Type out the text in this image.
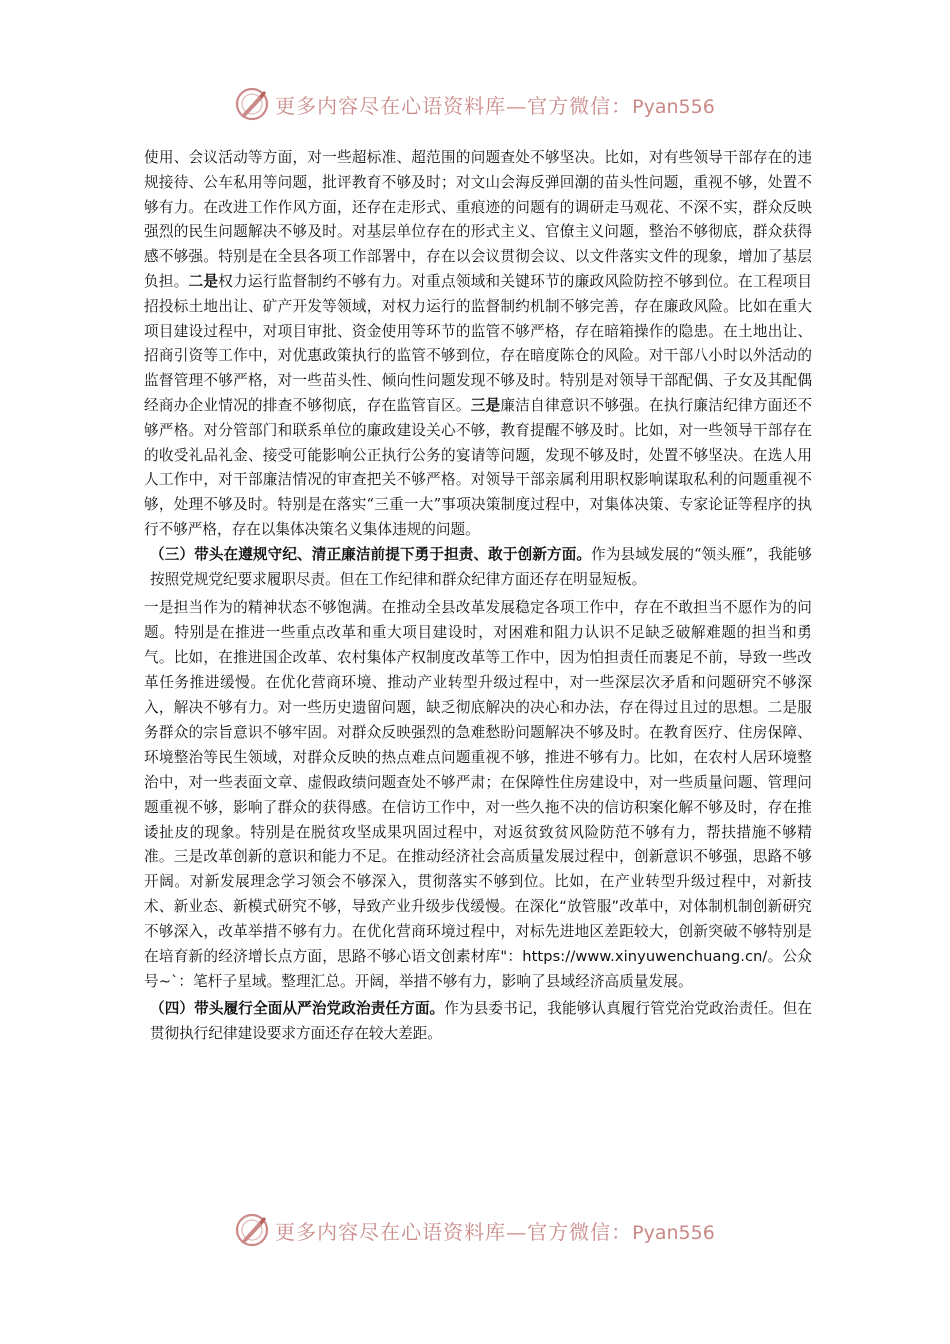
更多内容尽在心语资料库—官方微信：Pyan556

使用、会议活动等方面，对一些超标准、超范围的问题查处不够坚决。比如，对有些领导干部存在的违规接待、公车私用等问题，批评教育不够及时；对文山会海反弹回潮的苗头性问题，重视不够，处置不够有力。在改进工作作风方面，还存在走形式、重痕迹的问题有的调研走马观花、不深不实，群众反映强烈的民生问题解决不够及时。对基层单位存在的形式主义、官僚主义问题，整治不够彻底，群众获得感不够强。特别是在全县各项工作部署中，存在以会议贯彻会议、以文件落实文件的现象，增加了基层负担。二是权力运行监督制约不够有力。对重点领域和关键环节的廉政风险防控不够到位。在工程项目招投标土地出让、矿产开发等领域，对权力运行的监督制约机制不够完善，存在廉政风险。比如在重大项目建设过程中，对项目审批、资金使用等环节的监管不够严格，存在暗箱操作的隐患。在土地出让、招商引资等工作中，对优惠政策执行的监管不够到位，存在暗度陈仓的风险。对干部八小时以外活动的监督管理不够严格，对一些苗头性、倾向性问题发现不够及时。特别是对领导干部配偶、子女及其配偶经商办企业情况的排查不够彻底，存在监管盲区。三是廉洁自律意识不够强。在执行廉洁纪律方面还不够严格。对分管部门和联系单位的廉政建设关心不够，教育提醒不够及时。比如，对一些领导干部存在的收受礼品礼金、接受可能影响公正执行公务的宴请等问题，发现不够及时，处置不够坚决。在选人用人工作中，对干部廉洁情况的审查把关不够严格。对领导干部亲属利用职权影响谋取私利的问题重视不够，处理不够及时。特别是在落实“三重一大”事项决策制度过程中，对集体决策、专家论证等程序的执行不够严格，存在以集体决策名义集体违规的问题。

（三）带头在遵规守纪、清正廉洁前提下勇于担责、敢于创新方面。作为县域发展的“领头雁”，我能够按照党规党纪要求履职尽责。但在工作纪律和群众纪律方面还存在明显短板。

一是担当作为的精神状态不够饱满。在推动全县改革发展稳定各项工作中，存在不敢担当不愿作为的问题。特别是在推进一些重点改革和重大项目建设时，对困难和阻力认识不足缺乏破解难题的担当和勇气。比如，在推进国企改革、农村集体产权制度改革等工作中，因为怕担责任而裹足不前，导致一些改革任务推进缓慢。在优化营商环境、推动产业转型升级过程中，对一些深层次矛盾和问题研究不够深入，解决不够有力。对一些历史遗留问题，缺乏彻底解决的决心和办法，存在得过且过的思想。二是服务群众的宗旨意识不够牢固。对群众反映强烈的急难愁盼问题解决不够及时。在教育医疗、住房保障、环境整治等民生领域，对群众反映的热点难点问题重视不够，推进不够有力。比如，在农村人居环境整治中，对一些表面文章、虚假政绩问题查处不够严肃；在保障性住房建设中，对一些质量问题、管理问题重视不够，影响了群众的获得感。在信访工作中，对一些久拖不决的信访积案化解不够及时，存在推诿扯皮的现象。特别是在脱贫攻坚成果巩固过程中，对返贫致贫风险防范不够有力，帮扶措施不够精准。三是改革创新的意识和能力不足。在推动经济社会高质量发展过程中，创新意识不够强，思路不够开阔。对新发展理念学习领会不够深入，贯彻落实不够到位。比如，在产业转型升级过程中，对新技术、新业态、新模式研究不够，导致产业升级步伐缓慢。在深化“放管服”改革中，对体制机制创新研究不够深入，改革举措不够有力。在优化营商环境过程中，对标先进地区差距较大，创新突破不够特别是在培育新的经济增长点方面，思路不够心语文创素材库"：https://www.xinyuwenchuang.cn/。公众号~`：笔杆子星域。整理汇总。开阔，举措不够有力，影响了县域经济高质量发展。

（四）带头履行全面从严治党政治责任方面。作为县委书记，我能够认真履行管党治党政治责任。但在贯彻执行纪律建设要求方面还存在较大差距。

更多内容尽在心语资料库—官方微信：Pyan556
